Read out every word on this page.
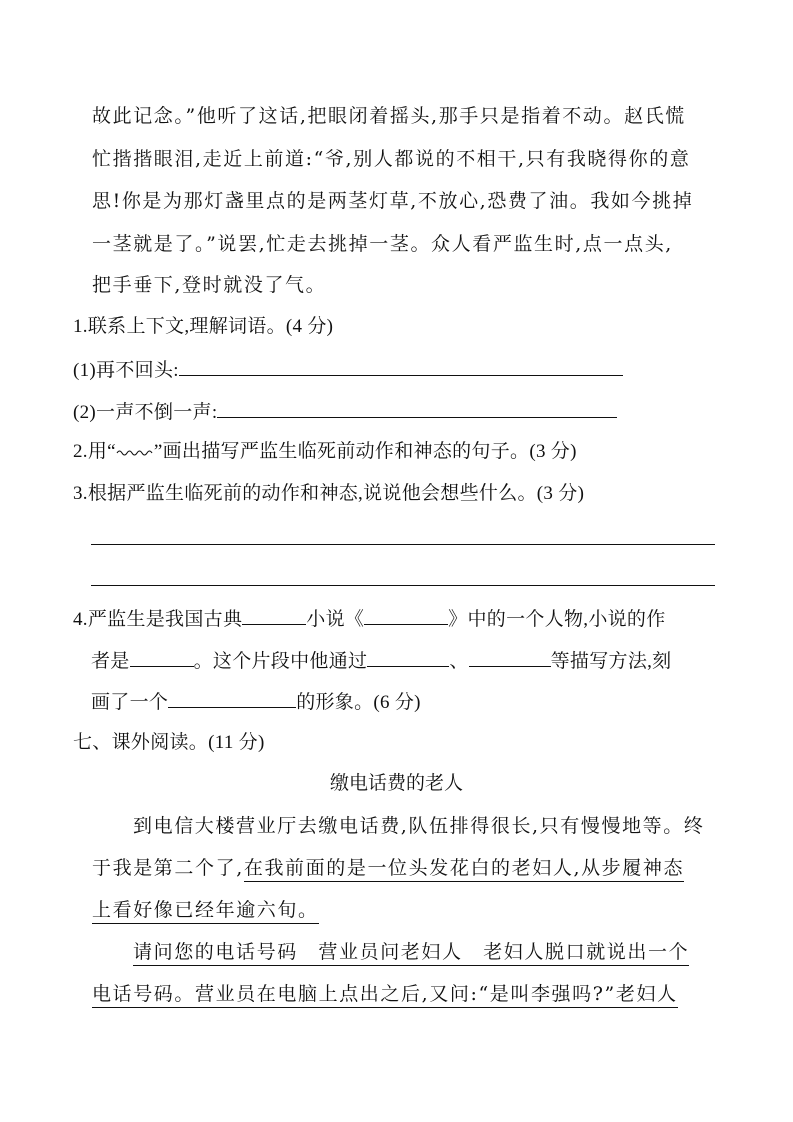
故此记念。”他听了这话,把眼闭着摇头,那手只是指着不动。赵氏慌
忙揩揩眼泪,走近上前道:“爷,别人都说的不相干,只有我晓得你的意
思!你是为那灯盏里点的是两茎灯草,不放心,恐费了油。我如今挑掉
一茎就是了。”说罢,忙走去挑掉一茎。众人看严监生时,点一点头,
把手垂下,登时就没了气。
1.联系上下文,理解词语。(4 分)
(1)再不回头:
(2)一声不倒一声:
2.用“ ”画出描写严监生临死前动作和神态的句子。(3 分)
3.根据严监生临死前的动作和神态,说说他会想些什么。(3 分)
4.严监生是我国古典	小说《	》中的一个人物,小说的作
者是	。这个片段中他通过	、	等描写方法,刻
画了一个	的形象。(6 分)
七、课外阅读。(11 分)
缴电话费的老人
到电信大楼营业厅去缴电话费,队伍排得很长,只有慢慢地等。终
于我是第二个了,在我前面的是一位头发花白的老妇人,从步履神态
上看好像已经年逾六旬。
请问您的电话号码　营业员问老妇人　老妇人脱口就说出一个
电话号码。营业员在电脑上点出之后,又问:“是叫李强吗?”老妇人
